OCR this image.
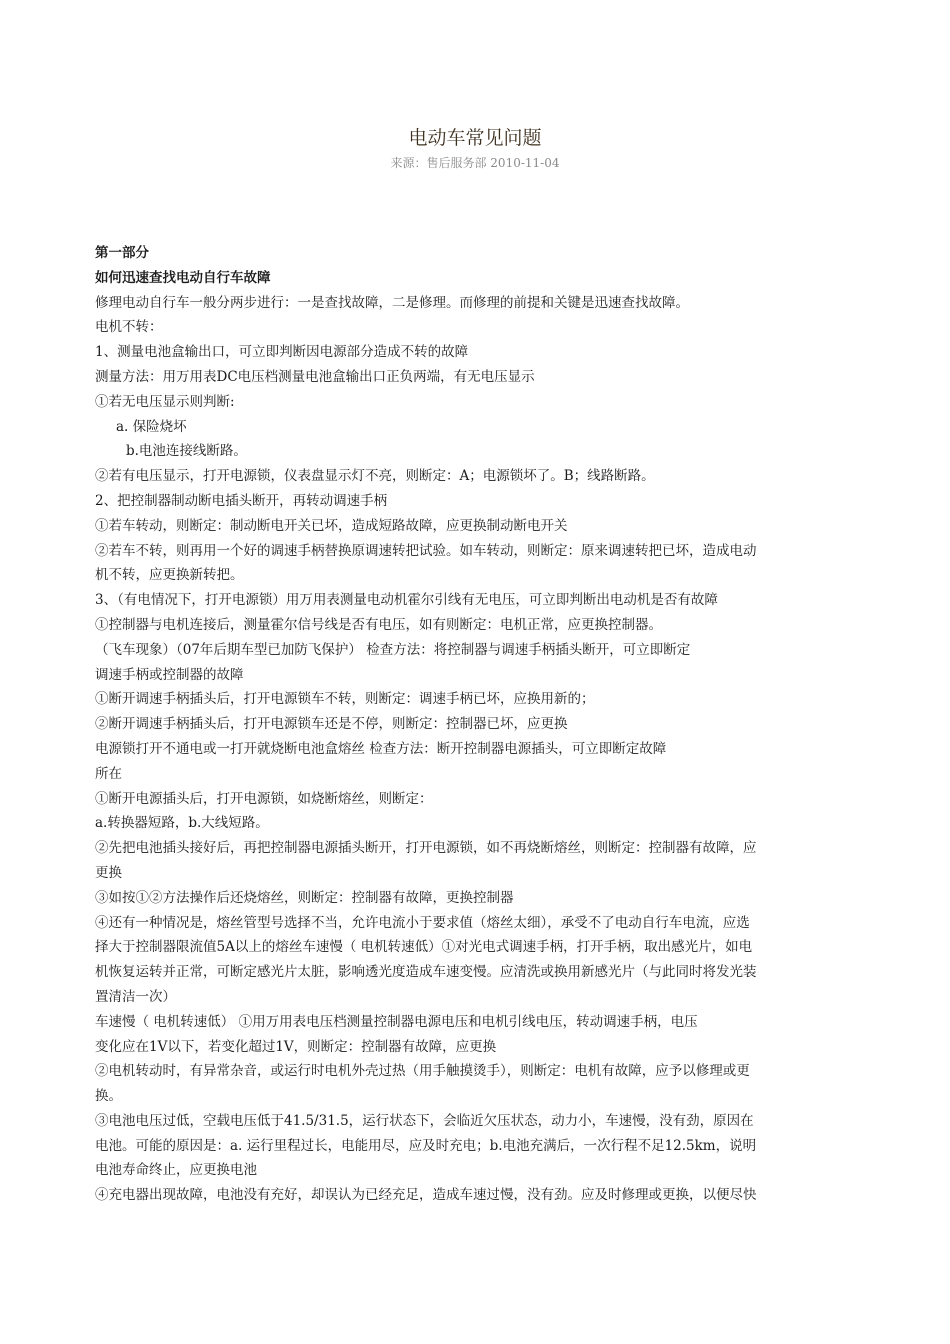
电动车常见问题
来源：售后服务部 2010-11-04
第一部分
如何迅速查找电动自行车故障
修理电动自行车一般分两步进行：一是查找故障，二是修理。而修理的前提和关键是迅速查找故障。
电机不转：
1、测量电池盒输出口，可立即判断因电源部分造成不转的故障
测量方法：用万用表DC电压档测量电池盒输出口正负两端，有无电压显示
①若无电压显示则判断:
a. 保险烧坏
b.电池连接线断路。
②若有电压显示，打开电源锁，仪表盘显示灯不亮，则断定：A；电源锁坏了。B；线路断路。
2、把控制器制动断电插头断开，再转动调速手柄
①若车转动，则断定：制动断电开关已坏，造成短路故障，应更换制动断电开关
②若车不转，则再用一个好的调速手柄替换原调速转把试验。如车转动，则断定：原来调速转把已坏，造成电动
机不转，应更换新转把。
3、（有电情况下，打开电源锁）用万用表测量电动机霍尔引线有无电压，可立即判断出电动机是否有故障
①控制器与电机连接后，测量霍尔信号线是否有电压，如有则断定：电机正常，应更换控制器。
（飞车现象）（07年后期车型已加防飞保护） 检查方法：将控制器与调速手柄插头断开，可立即断定
调速手柄或控制器的故障
①断开调速手柄插头后，打开电源锁车不转，则断定：调速手柄已坏，应换用新的；
②断开调速手柄插头后，打开电源锁车还是不停，则断定：控制器已坏，应更换
电源锁打开不通电或一打开就烧断电池盒熔丝 检查方法：断开控制器电源插头，可立即断定故障
所在
①断开电源插头后，打开电源锁，如烧断熔丝，则断定：
a.转换器短路，b.大线短路。
②先把电池插头接好后，再把控制器电源插头断开，打开电源锁，如不再烧断熔丝，则断定：控制器有故障，应
更换
③如按①②方法操作后还烧熔丝，则断定：控制器有故障，更换控制器
④还有一种情况是，熔丝管型号选择不当，允许电流小于要求值（熔丝太细），承受不了电动自行车电流，应选
择大于控制器限流值5A以上的熔丝车速慢（ 电机转速低）①对光电式调速手柄，打开手柄，取出感光片，如电
机恢复运转并正常，可断定感光片太脏，影响透光度造成车速变慢。应清洗或换用新感光片（与此同时将发光装
置清洁一次）
车速慢（ 电机转速低） ①用万用表电压档测量控制器电源电压和电机引线电压，转动调速手柄，电压
变化应在1V以下，若变化超过1V，则断定：控制器有故障，应更换
②电机转动时，有异常杂音，或运行时电机外壳过热（用手触摸烫手），则断定：电机有故障，应予以修理或更
换。
③电池电压过低，空载电压低于41.5/31.5，运行状态下，会临近欠压状态，动力小，车速慢，没有劲，原因在
电池。可能的原因是：a. 运行里程过长，电能用尽，应及时充电；b.电池充满后，一次行程不足12.5km，说明
电池寿命终止，应更换电池
④充电器出现故障，电池没有充好，却误认为已经充足，造成车速过慢，没有劲。应及时修理或更换，以便尽快
